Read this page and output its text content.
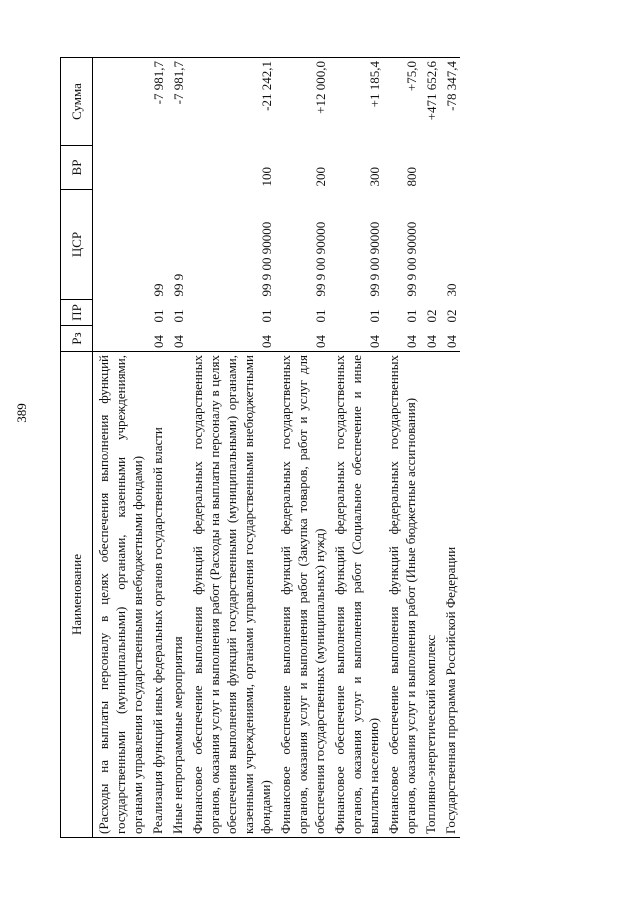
389
Наименование	Рз	ПР	ЦСР	ВР	Сумма
(Расходы на выплаты персоналу в целях обеспечения выполнения функций государственными (муниципальными) органами, казенными учреждениями, органами управления государственными внебюджетными фондами)					
Реализация функций иных федеральных органов государственной власти	04	01	99		-7 981,7
Иные непрограммные мероприятия	04	01	99 9		-7 981,7
Финансовое обеспечение выполнения функций федеральных государственных органов, оказания услуг и выполнения работ (Расходы на выплаты персоналу в целях обеспечения выполнения функций государственными (муниципальными) органами, казенными учреждениями, органами управления государственными внебюджетными фондами)	04	01	99 9 00 90000	100	-21 242,1
Финансовое обеспечение выполнения функций федеральных государственных органов, оказания услуг и выполнения работ (Закупка товаров, работ и услуг для обеспечения государственных (муниципальных) нужд)	04	01	99 9 00 90000	200	+12 000,0
Финансовое обеспечение выполнения функций федеральных государственных органов, оказания услуг и выполнения работ (Социальное обеспечение и иные выплаты населению)	04	01	99 9 00 90000	300	+1 185,4
Финансовое обеспечение выполнения функций федеральных государственных органов, оказания услуг и выполнения работ (Иные бюджетные ассигнования)	04	01	99 9 00 90000	800	+75,0
Топливно-энергетический комплекс	04	02			+471 652,6
Государственная программа Российской Федерации	04	02	30		-78 347,4
